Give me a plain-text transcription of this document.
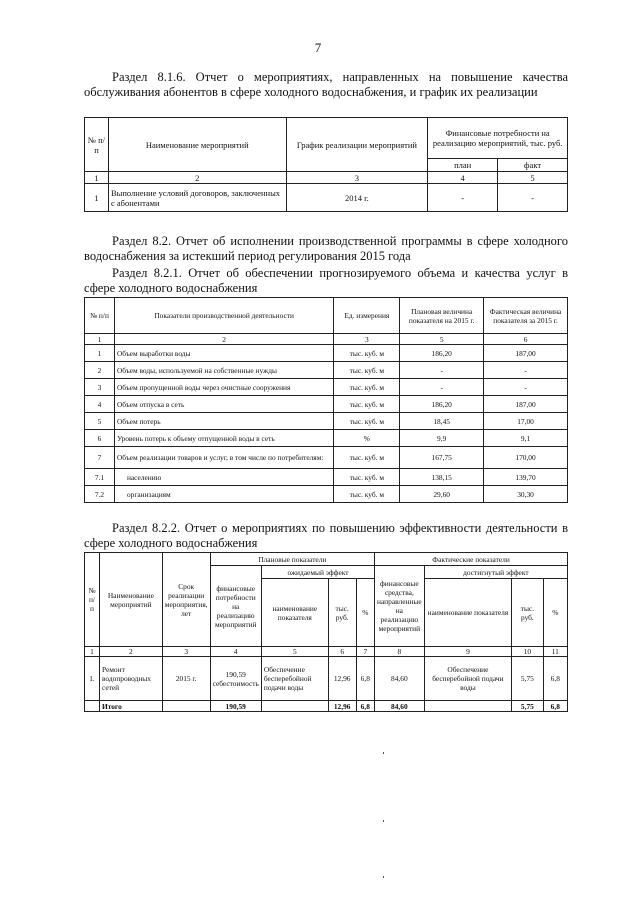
7
Раздел 8.1.6. Отчет о мероприятиях, направленных на повышение качества обслуживания абонентов в сфере холодного водоснабжения, и график их реализации
№ п/п	Наименование мероприятий	График реализации мероприятий	Финансовые потребности на реализацию мероприятий, тыс. руб.	
			план	факт
1	2	3	4	5
1	Выполнение условий договоров, заключенных с абонентами	2014 г.	-	-
Раздел 8.2. Отчет об исполнении производственной программы в сфере холодного водоснабжения за истекший период регулирования 2015 года
Раздел 8.2.1. Отчет об обеспечении прогнозируемого объема и качества услуг в сфере холодного водоснабжения
№ п/п	Показатели производственной деятельности	Ед. измерения	Плановая величина показателя на 2015 г.	Фактическая величина показателя за 2015 г.
1	2	3	5	6
1	Объем выработки воды	тыс. куб. м	186,20	187,00
2	Объем воды, используемой на собственные нужды	тыс. куб. м	-	-
3	Объем пропущенной воды через очистные сооружения	тыс. куб. м	-	-
4	Объем отпуска в сеть	тыс. куб. м	186,20	187,00
5	Объем потерь	тыс. куб. м	18,45	17,00
6	Уровень потерь к объему отпущенной воды в сеть	%	9,9	9,1
7	Объем реализации товаров и услуг, в том числе по потребителям:	тыс. куб. м	167,75	170,00
7.1	населению	тыс. куб. м	138,15	139,70
7.2	организациям	тыс. куб. м	29,60	30,30
Раздел 8.2.2. Отчет о мероприятиях по повышению эффективности деятельности в сфере холодного водоснабжения
№ п/ п	Наименование мероприятий	Срок реализации мероприятия, лет	Плановые показатели				Фактические показатели			
			финансовые потребности на реализацию мероприятий	ожидаемый эффект			финансовые средства, направленные на реализацию мероприятий	достигнутый эффект		
				наименование показателя	тыс. руб.	%		наименование показателя	тыс. руб.	%
1	2	3	4	5	6	7	8	9	10	11
1.	Ремонт водопроводных сетей	2015 г.	190,59 себестоимость	Обеспечение бесперебойной подачи воды	12,96	6,8	84,60	Обеспечение бесперебойной подачи воды	5,75	6,8
	Итого		190,59		12,96	6,8	84,60		5,75	6,8
